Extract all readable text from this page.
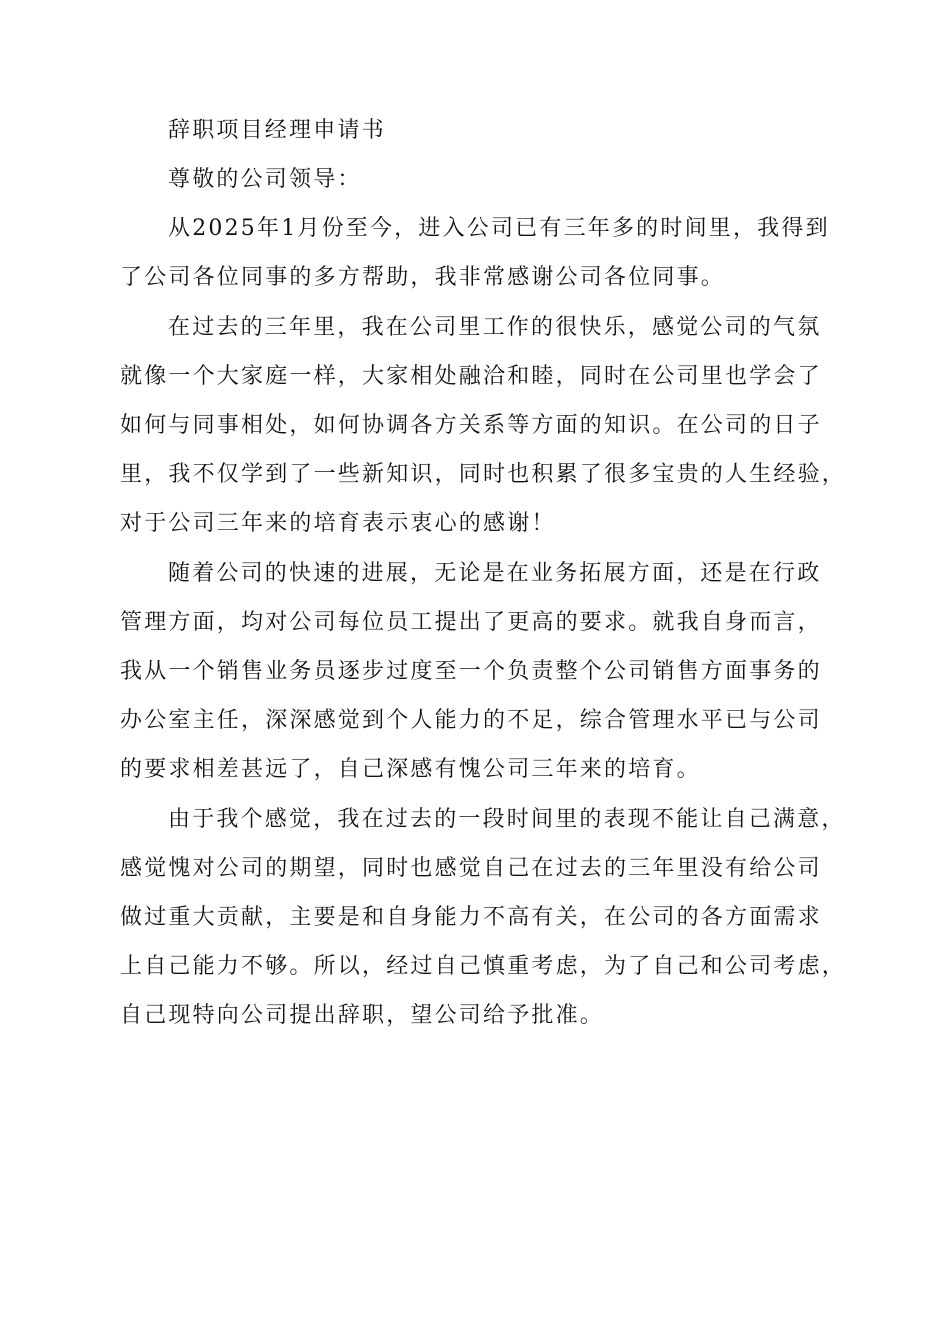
辞职项目经理申请书
尊敬的公司领导：
从2025年1月份至今，进入公司已有三年多的时间里，我得到
了公司各位同事的多方帮助，我非常感谢公司各位同事。
在过去的三年里，我在公司里工作的很快乐，感觉公司的气氛
就像一个大家庭一样，大家相处融洽和睦，同时在公司里也学会了
如何与同事相处，如何协调各方关系等方面的知识。在公司的日子
里，我不仅学到了一些新知识，同时也积累了很多宝贵的人生经验，
对于公司三年来的培育表示衷心的感谢！
随着公司的快速的进展，无论是在业务拓展方面，还是在行政
管理方面，均对公司每位员工提出了更高的要求。就我自身而言，
我从一个销售业务员逐步过度至一个负责整个公司销售方面事务的
办公室主任，深深感觉到个人能力的不足，综合管理水平已与公司
的要求相差甚远了，自己深感有愧公司三年来的培育。
由于我个感觉，我在过去的一段时间里的表现不能让自己满意，
感觉愧对公司的期望，同时也感觉自己在过去的三年里没有给公司
做过重大贡献，主要是和自身能力不高有关，在公司的各方面需求
上自己能力不够。所以，经过自己慎重考虑，为了自己和公司考虑，
自己现特向公司提出辞职，望公司给予批准。
